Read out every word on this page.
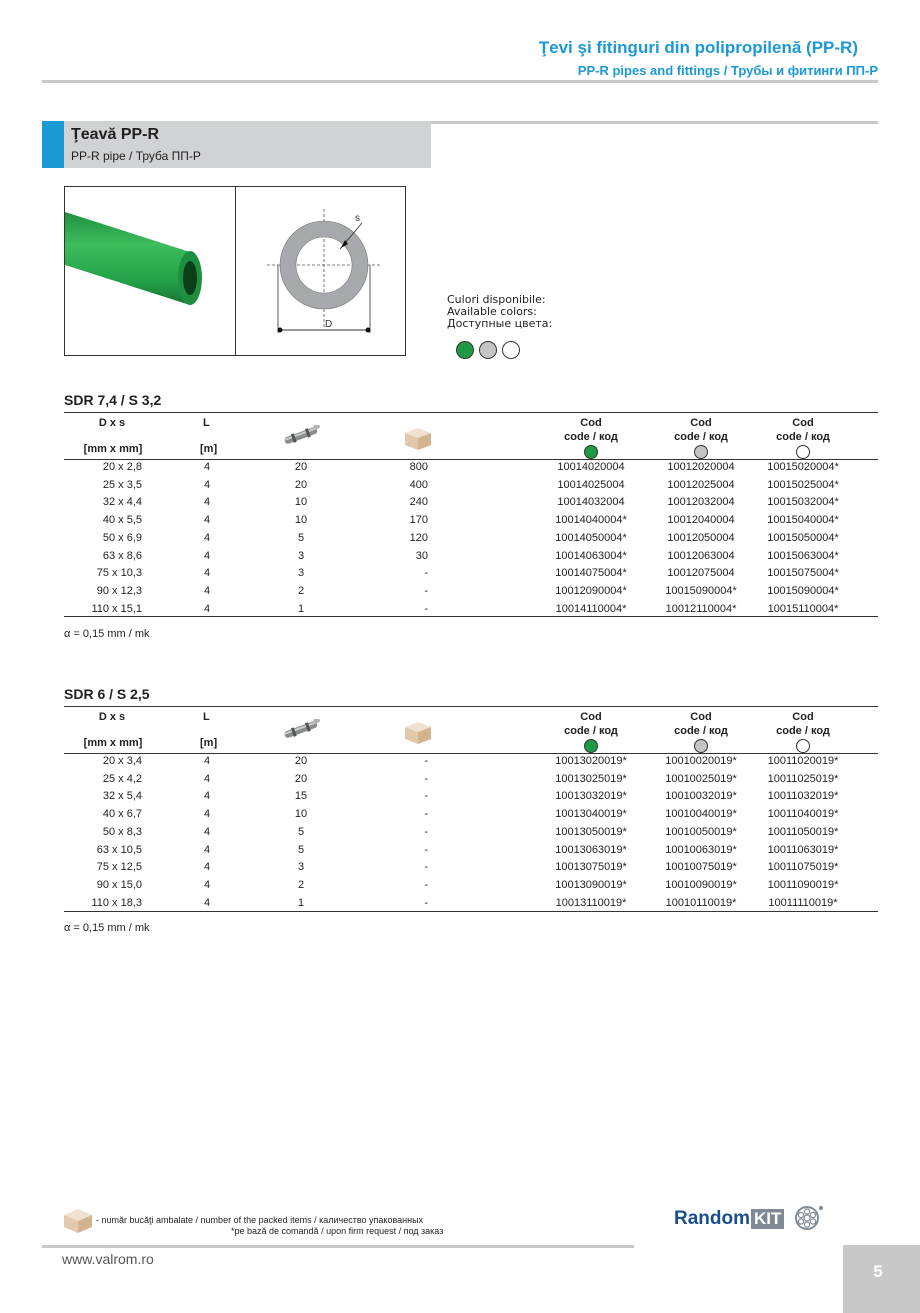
Ţevi şi fitinguri din polipropilenă (PP-R)
PP-R pipes and fittings / Трубы и фитинги ПП-Р
Ţeavă PP-R
PP-R pipe / Труба ПП-Р
D
s
Culori disponibile:
Available colors:
Доступные цвета:
SDR 7,4 / S 3,2
D x s
[mm x mm]
L
[m]
Cod
code / код
Cod
code / код
Cod
code / код
20 x 2,8	4	20	800	10014020004	10012020004	10015020004*
25 x 3,5	4	20	400	10014025004	10012025004	10015025004*
32 x 4,4	4	10	240	10014032004	10012032004	10015032004*
40 x 5,5	4	10	170	10014040004*	10012040004	10015040004*
50 x 6,9	4	5	120	10014050004*	10012050004	10015050004*
63 x 8,6	4	3	30	10014063004*	10012063004	10015063004*
75 x 10,3	4	3	-	10014075004*	10012075004	10015075004*
90 x 12,3	4	2	-	10012090004*	10015090004*	10015090004*
110 x 15,1	4	1	-	10014110004*	10012110004*	10015110004*
α = 0,15 mm / mk
SDR 6 / S 2,5
D x s
[mm x mm]
L
[m]
Cod
code / код
Cod
code / код
Cod
code / код
20 x 3,4	4	20	-	10013020019*	10010020019*	10011020019*
25 x 4,2	4	20	-	10013025019*	10010025019*	10011025019*
32 x 5,4	4	15	-	10013032019*	10010032019*	10011032019*
40 x 6,7	4	10	-	10013040019*	10010040019*	10011040019*
50 x 8,3	4	5	-	10013050019*	10010050019*	10011050019*
63 x 10,5	4	5	-	10013063019*	10010063019*	10011063019*
75 x 12,5	4	3	-	10013075019*	10010075019*	10011075019*
90 x 15,0	4	2	-	10013090019*	10010090019*	10011090019*
110 x 18,3	4	1	-	10013110019*	10010110019*	10011110019*
α = 0,15 mm / mk
- număr bucăţi ambalate / number of the packed items / каличество упакованных
*pe bază de comandă / upon firm request / под заказ
Random KIT
www.valrom.ro
5
